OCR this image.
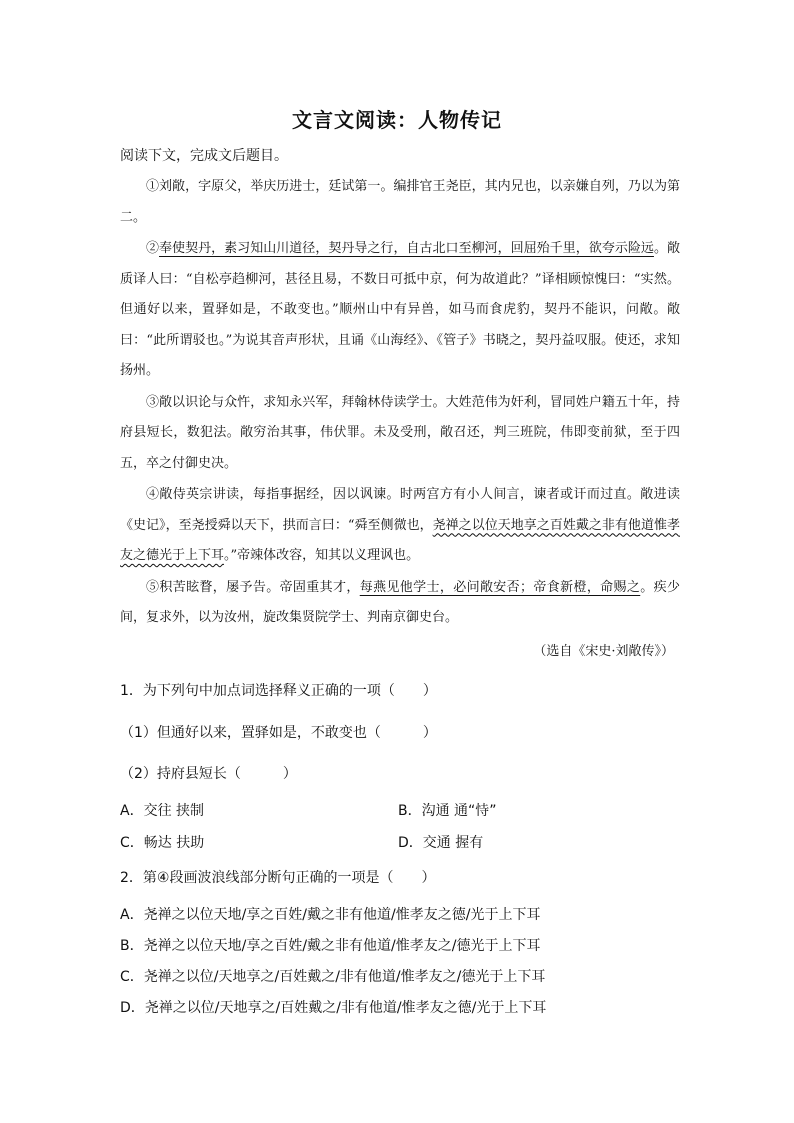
文言文阅读：人物传记
阅读下文，完成文后题目。

①刘敞，字原父，举庆历进士，廷试第一。编排官王尧臣，其内兄也，以亲嫌自列，乃以为第二。

②奉使契丹，素习知山川道径，契丹导之行，自古北口至柳河，回屈殆千里，欲夸示险远。敞质译人曰：“自松亭趋柳河，甚径且易，不数日可抵中京，何为故道此？”译相顾惊愧曰：“实然。但通好以来，置驿如是，不敢变也。”顺州山中有异兽，如马而食虎豹，契丹不能识，问敞。敞曰：“此所谓驳也。”为说其音声形状，且诵《山海经》、《管子》书晓之，契丹益叹服。使还，求知扬州。

③敞以识论与众忤，求知永兴军，拜翰林侍读学士。大姓范伟为奸利，冒同姓户籍五十年，持府县短长，数犯法。敞穷治其事，伟伏罪。未及受刑，敞召还，判三班院，伟即变前狱，至于四五，卒之付御史决。

④敞侍英宗讲读，每指事据经，因以讽谏。时两宫方有小人间言，谏者或讦而过直。敞进读《史记》，至尧授舜以天下，拱而言曰：“舜至侧微也，尧禅之以位天地享之百姓戴之非有他道惟孝友之德光于上下耳。”帝竦体改容，知其以义理讽也。

⑤积苦眩瞀，屡予告。帝固重其才，每燕见他学士，必问敞安否；帝食新橙，命赐之。疾少间，复求外，以为汝州，旋改集贤院学士、判南京御史台。

（选自《宋史·刘敞传》）
1．为下列句中加点词选择释义正确的一项（　　）
（1）但通好以来，置驿如是，不敢变也（　　　）
（2）持府县短长（　　　）
A．交往 挟制	B．沟通 通“恃”
C．畅达 扶助	D．交通 握有
2．第④段画波浪线部分断句正确的一项是（　　）
A．尧禅之以位天地/享之百姓/戴之非有他道/惟孝友之德/光于上下耳
B．尧禅之以位天地/享之百姓/戴之非有他道/惟孝友之/德光于上下耳
C．尧禅之以位/天地享之/百姓戴之/非有他道/惟孝友之/德光于上下耳
D．尧禅之以位/天地享之/百姓戴之/非有他道/惟孝友之德/光于上下耳
